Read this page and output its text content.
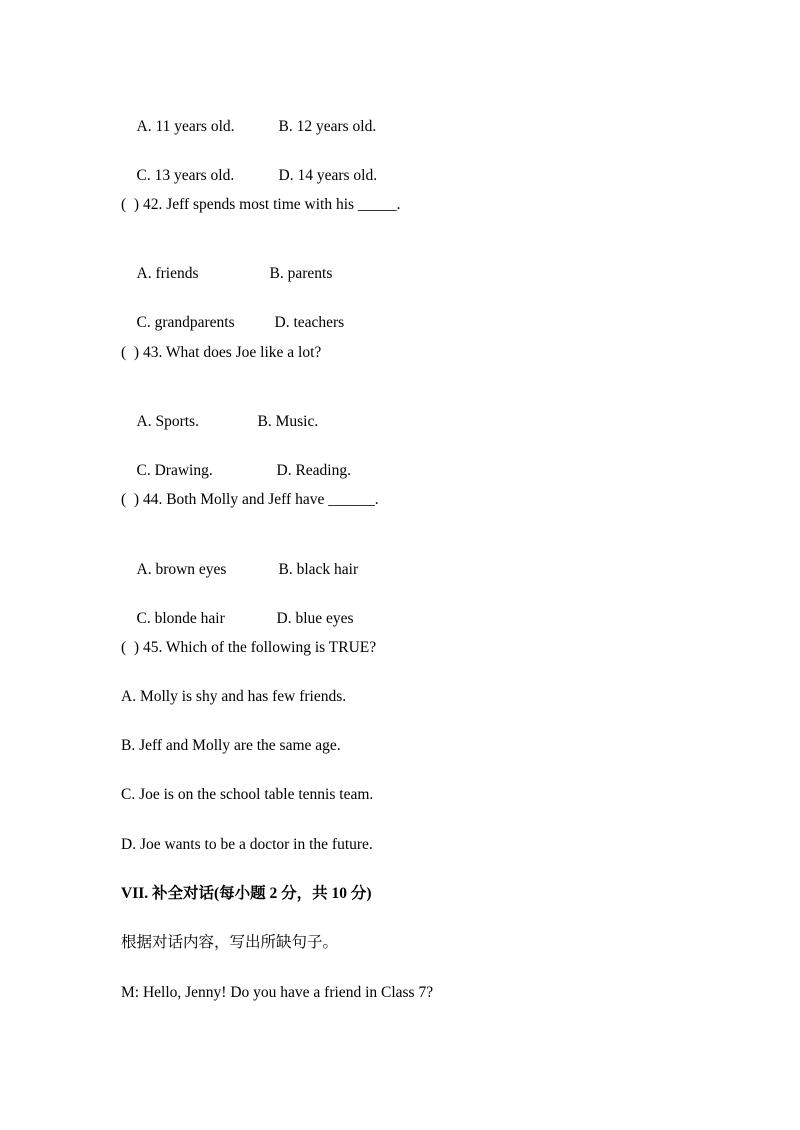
A. 11 years old.	B. 12 years old.

C. 13 years old.	D. 14 years old.

(  ) 42. Jeff spends most time with his _____.

A. friends	B. parents

C. grandparents	D. teachers

(  ) 43. What does Joe like a lot?

A. Sports.	B. Music.

C. Drawing.	D. Reading.

(  ) 44. Both Molly and Jeff have ______.

A. brown eyes	B. black hair

C. blonde hair	D. blue eyes

(  ) 45. Which of the following is TRUE?
A. Molly is shy and has few friends.
B. Jeff and Molly are the same age.
C. Joe is on the school table tennis team.
D. Joe wants to be a doctor in the future.
VII. 补全对话(每小题 2 分，共 10 分)
根据对话内容，写出所缺句子。
M: Hello, Jenny! Do you have a friend in Class 7?
